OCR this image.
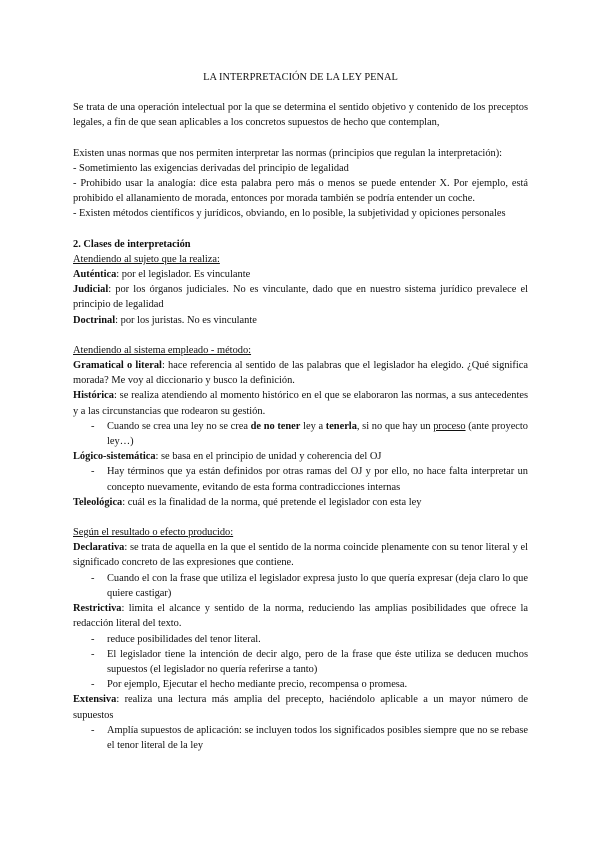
LA INTERPRETACIÓN DE LA LEY PENAL

Se trata de una operación intelectual por la que se determina el sentido objetivo y contenido de los preceptos legales, a fin de que sean aplicables a los concretos supuestos de hecho que contemplan,

Existen unas normas que nos permiten interpretar las normas (principios que regulan la interpretación):

- Sometimiento las exigencias derivadas del principio de legalidad

- Prohibido usar la analogía: dice esta palabra pero más o menos se puede entender X. Por ejemplo, está prohibido el allanamiento de morada, entonces por morada también se podría entender un coche.

- Existen métodos científicos y jurídicos, obviando, en lo posible, la subjetividad y opiciones personales

2. Clases de interpretación

Atendiendo al sujeto que la realiza:

Auténtica: por el legislador. Es vinculante

Judicial: por los órganos judiciales. No es vinculante, dado que en nuestro sistema jurídico prevalece el principio de legalidad

Doctrinal: por los juristas. No es vinculante

Atendiendo al sistema empleado - método:

Gramatical o literal: hace referencia al sentido de las palabras que el legislador ha elegido. ¿Qué significa morada? Me voy al diccionario y busco la definición.

Histórica: se realiza atendiendo al momento histórico en el que se elaboraron las normas, a sus antecedentes y a las circunstancias que rodearon su gestión.

- Cuando se crea una ley no se crea de no tener ley a tenerla, si no que hay un proceso (ante proyecto ley…)

Lógico-sistemática: se basa en el principio de unidad y coherencia del OJ

- Hay términos que ya están definidos por otras ramas del OJ y por ello, no hace falta interpretar un concepto nuevamente, evitando de esta forma contradicciones internas

Teleológica: cuál es la finalidad de la norma, qué pretende el legislador con esta ley

Según el resultado o efecto producido:

Declarativa: se trata de aquella en la que el sentido de la norma coincide plenamente con su tenor literal y el significado concreto de las expresiones que contiene.

- Cuando el con la frase que utiliza el legislador expresa justo lo que quería expresar (deja claro lo que quiere castigar)

Restrictiva: limita el alcance y sentido de la norma, reduciendo las amplias posibilidades que ofrece la redacción literal del texto.

- reduce posibilidades del tenor literal.
- El legislador tiene la intención de decir algo, pero de la frase que éste utiliza se deducen muchos supuestos (el legislador no quería referirse a tanto)
- Por ejemplo, Ejecutar el hecho mediante precio, recompensa o promesa.

Extensiva: realiza una lectura más amplia del precepto, haciéndolo aplicable a un mayor número de supuestos

- Amplía supuestos de aplicación: se incluyen todos los significados posibles siempre que no se rebase el tenor literal de la ley
